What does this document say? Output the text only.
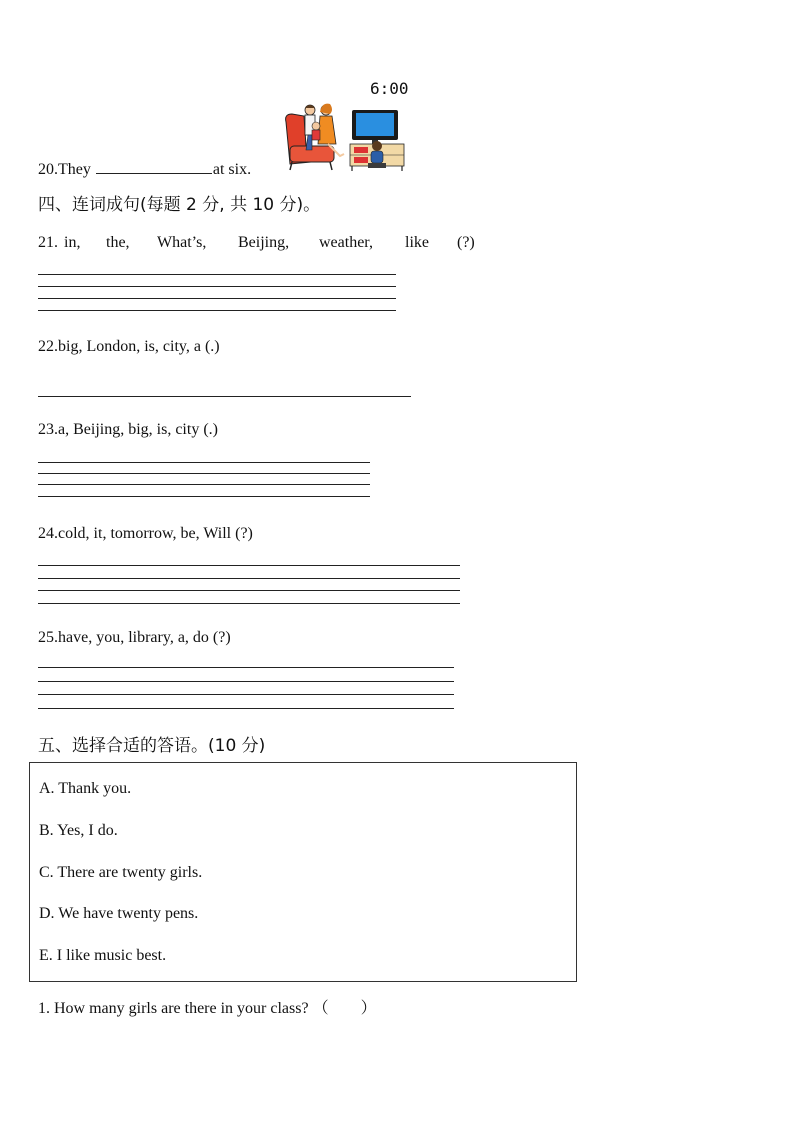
6:00
20.They	at six.
四、连词成句(每题 2 分, 共 10 分)。
21. in, the, What’s, Beijing, weather, like (?)
22.big, London, is, city, a (.)
23.a, Beijing, big, is, city (.)
24.cold, it, tomorrow, be, Will (?)
25.have, you, library, a, do (?)
五、选择合适的答语。(10 分)
A. Thank you.
B. Yes, I do.
C. There are twenty girls.
D. We have twenty pens.
E. I like music best.
1. How many girls are there in your class? （　　）
